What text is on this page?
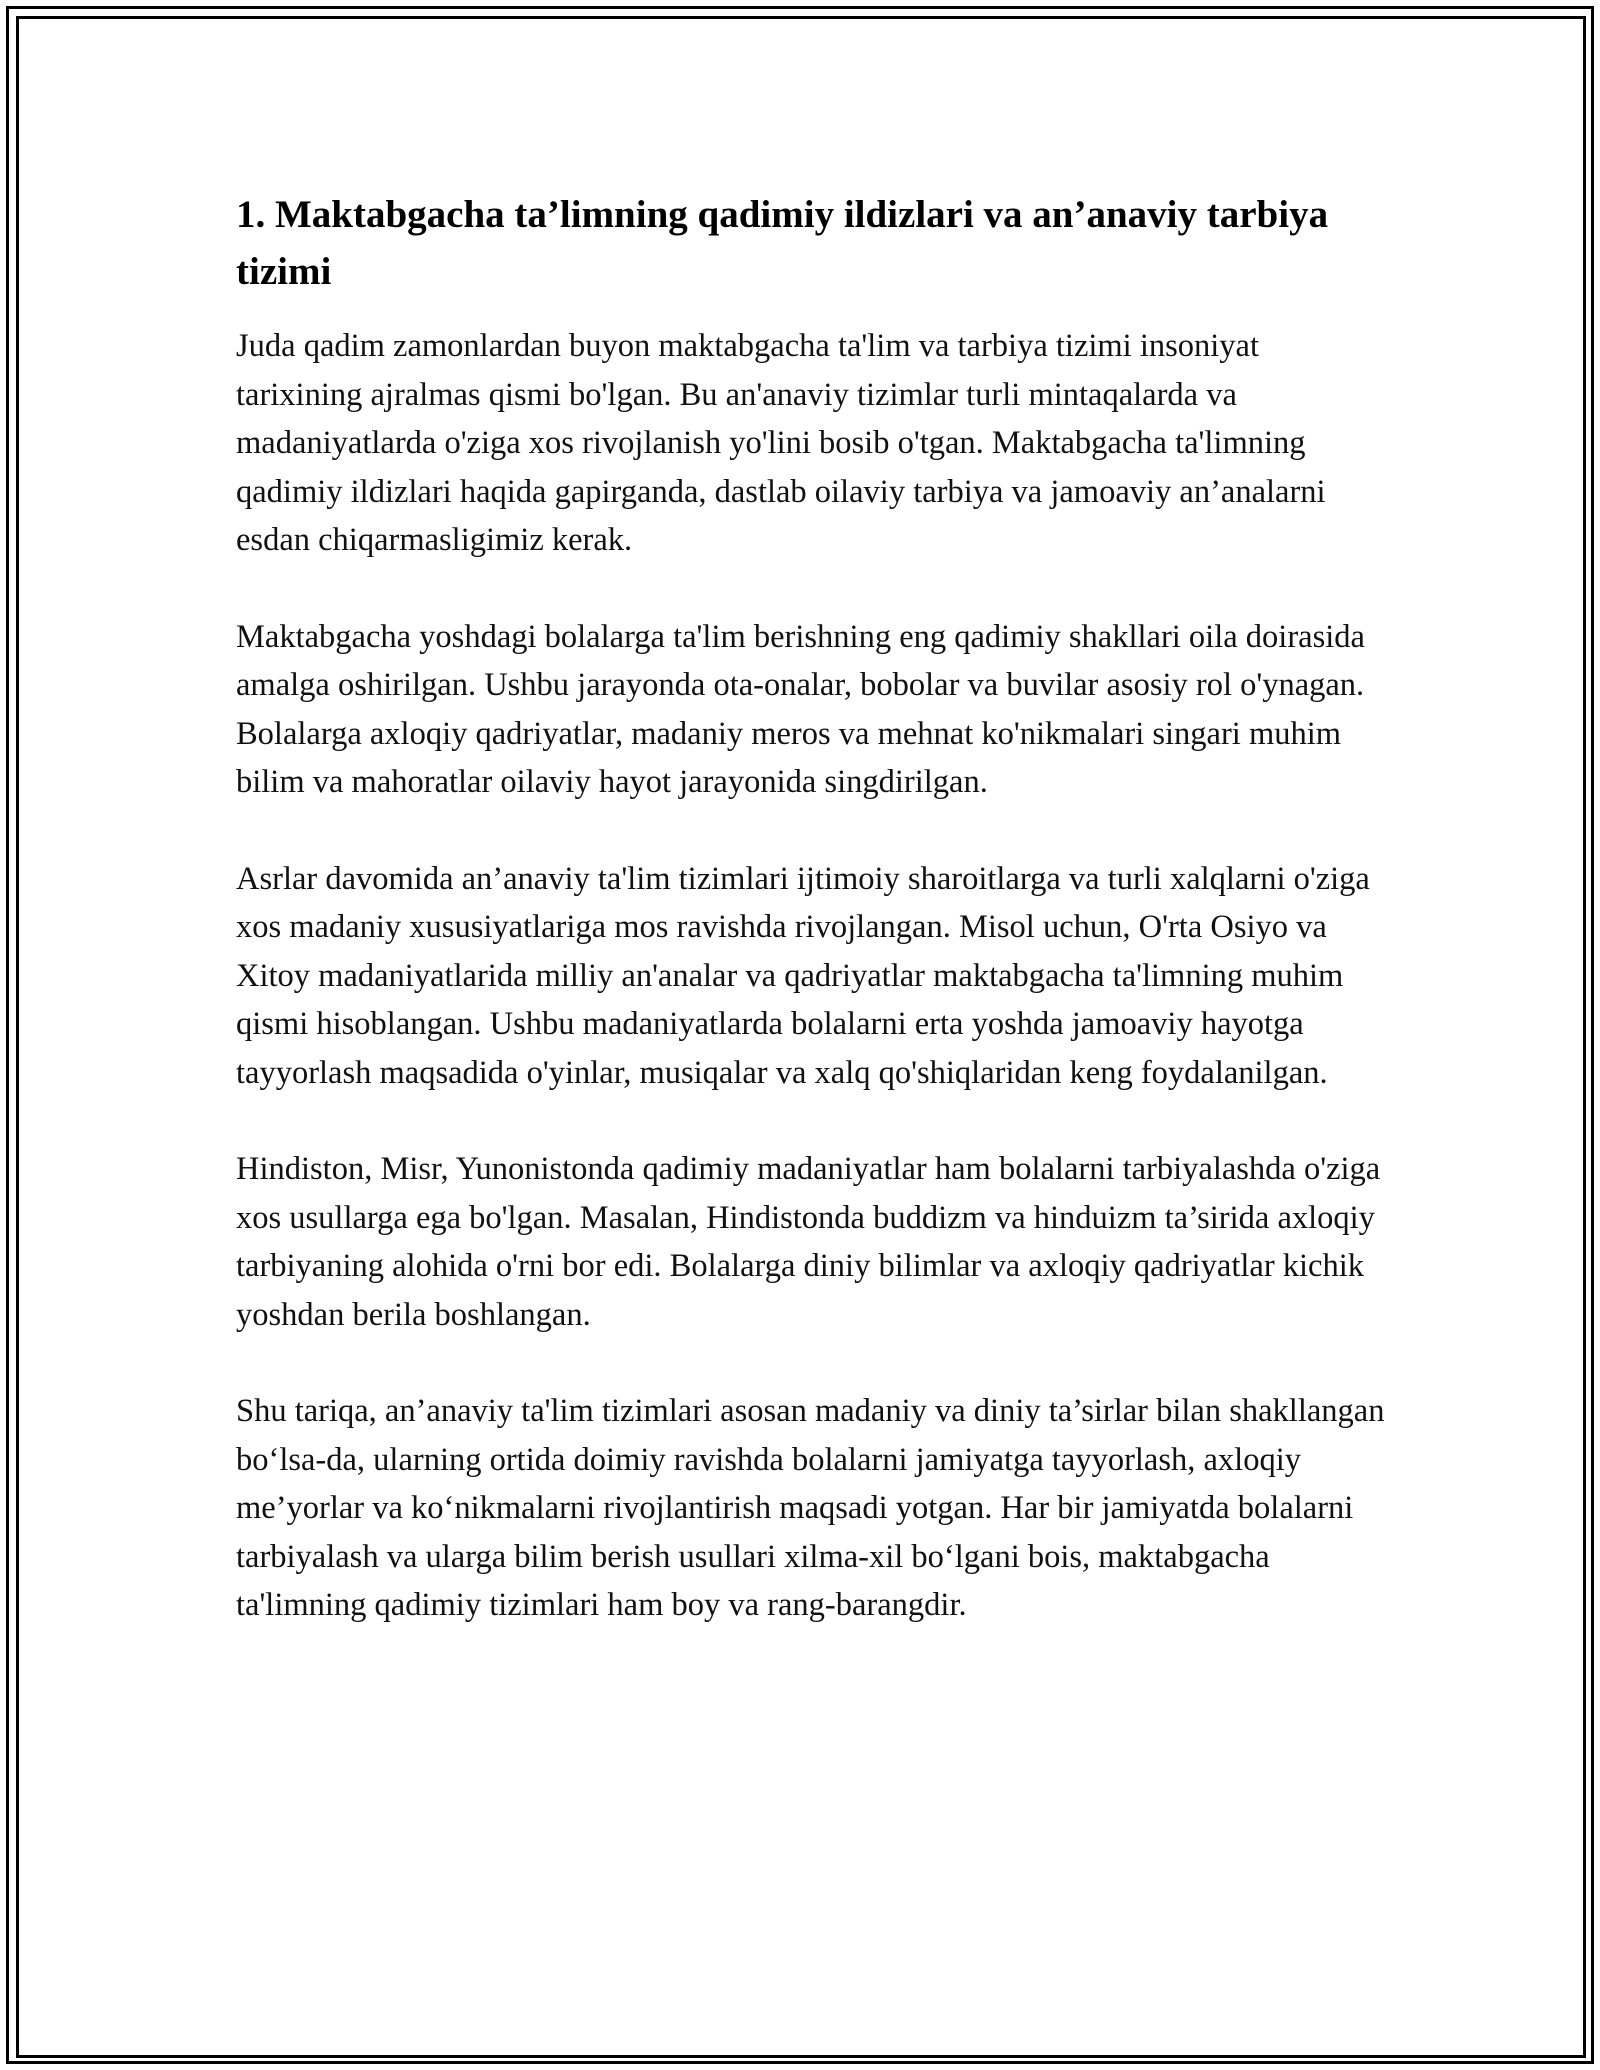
1. Maktabgacha ta’limning qadimiy ildizlari va an’anaviy tarbiya tizimi

Juda qadim zamonlardan buyon maktabgacha ta'lim va tarbiya tizimi insoniyat tarixining ajralmas qismi bo'lgan. Bu an'anaviy tizimlar turli mintaqalarda va madaniyatlarda o'ziga xos rivojlanish yo'lini bosib o'tgan. Maktabgacha ta'limning qadimiy ildizlari haqida gapirganda, dastlab oilaviy tarbiya va jamoaviy an’analarni esdan chiqarmasligimiz kerak.

Maktabgacha yoshdagi bolalarga ta'lim berishning eng qadimiy shakllari oila doirasida amalga oshirilgan. Ushbu jarayonda ota-onalar, bobolar va buvilar asosiy rol o'ynagan. Bolalarga axloqiy qadriyatlar, madaniy meros va mehnat ko'nikmalari singari muhim bilim va mahoratlar oilaviy hayot jarayonida singdirilgan.

Asrlar davomida an’anaviy ta'lim tizimlari ijtimoiy sharoitlarga va turli xalqlarni o'ziga xos madaniy xususiyatlariga mos ravishda rivojlangan. Misol uchun, O'rta Osiyo va Xitoy madaniyatlarida milliy an'analar va qadriyatlar maktabgacha ta'limning muhim qismi hisoblangan. Ushbu madaniyatlarda bolalarni erta yoshda jamoaviy hayotga tayyorlash maqsadida o'yinlar, musiqalar va xalq qo'shiqlaridan keng foydalanilgan.

Hindiston, Misr, Yunonistonda qadimiy madaniyatlar ham bolalarni tarbiyalashda o'ziga xos usullarga ega bo'lgan. Masalan, Hindistonda buddizm va hinduizm ta’sirida axloqiy tarbiyaning alohida o'rni bor edi. Bolalarga diniy bilimlar va axloqiy qadriyatlar kichik yoshdan berila boshlangan.

Shu tariqa, an’anaviy ta'lim tizimlari asosan madaniy va diniy ta’sirlar bilan shakllangan bo‘lsa-da, ularning ortida doimiy ravishda bolalarni jamiyatga tayyorlash, axloqiy me’yorlar va ko‘nikmalarni rivojlantirish maqsadi yotgan. Har bir jamiyatda bolalarni tarbiyalash va ularga bilim berish usullari xilma-xil bo‘lgani bois, maktabgacha ta'limning qadimiy tizimlari ham boy va rang-barangdir.
